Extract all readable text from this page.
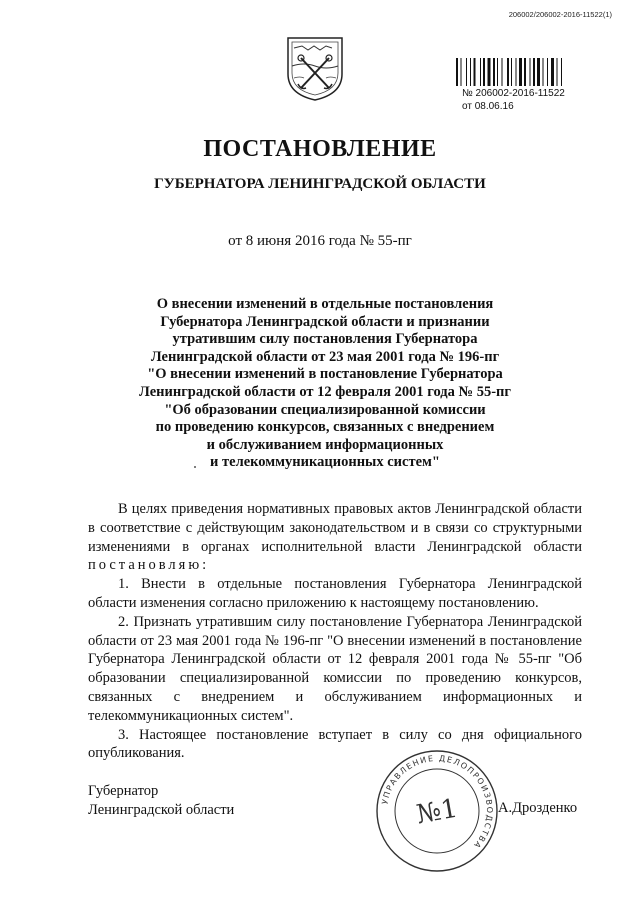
206002/206002-2016-11522(1)
№ 206002-2016-11522
от 08.06.16
ПОСТАНОВЛЕНИЕ
ГУБЕРНАТОРА ЛЕНИНГРАДСКОЙ ОБЛАСТИ
от 8 июня 2016 года № 55-пг
О внесении изменений в отдельные постановления
Губернатора Ленинградской области и признании
утратившим силу постановления Губернатора
Ленинградской области от 23 мая 2001 года № 196-пг
"О внесении изменений в постановление Губернатора
Ленинградской области от 12 февраля 2001 года № 55-пг
"Об образовании специализированной комиссии
по проведению конкурсов, связанных с внедрением
и обслуживанием информационных
и телекоммуникационных систем"

В целях приведения нормативных правовых актов Ленинградской области в соответствие с действующим законодательством и в связи со структурными изменениями в органах исполнительной власти Ленинградской области постановляю:

1. Внести в отдельные постановления Губернатора Ленинградской области изменения согласно приложению к настоящему постановлению.

2. Признать утратившим силу постановление Губернатора Ленинградской области от 23 мая 2001 года № 196-пг "О внесении изменений в постановление Губернатора Ленинградской области от 12 февраля 2001 года № 55-пг "Об образовании специализированной комиссии по проведению конкурсов, связанных с внедрением и обслуживанием информационных и телекоммуникационных систем".

3. Настоящее постановление вступает в силу со дня официального опубликования.

Губернатор
Ленинградской области	А.Дрозденко
УПРАВЛЕНИЕ ДЕЛОПРОИЗВОДСТВА
№1
